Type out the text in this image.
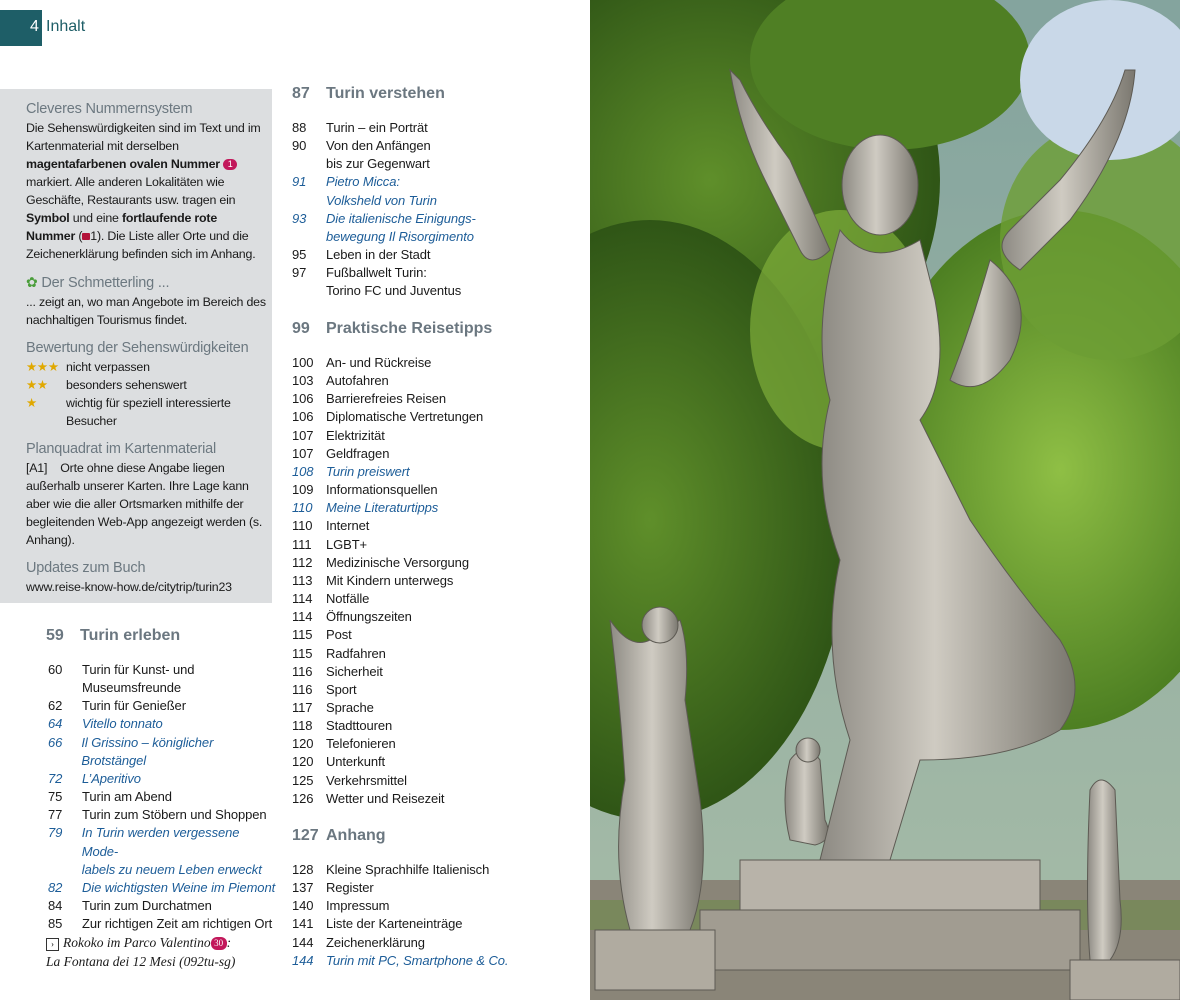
4 Inhalt
Cleveres Nummernsystem

Die Sehenswürdigkeiten sind im Text und im Kartenmaterial mit derselben magentafarbenen ovalen Nummer 1 markiert. Alle anderen Lokalitäten wie Geschäfte, Restaurants usw. tragen ein Symbol und eine fortlaufende rote Nummer ( 1). Die Liste aller Orte und die Zeichenerklärung befinden sich im Anhang.

✿ Der Schmetterling ...

... zeigt an, wo man Angebote im Bereich des nachhaltigen Tourismus findet.

Bewertung der Sehenswürdigkeiten
★★★ nicht verpassen
★★	besonders sehenswert
★	wichtig für speziell interessierte Besucher
Planquadrat im Kartenmaterial

[A1] Orte ohne diese Angabe liegen außerhalb unserer Karten. Ihre Lage kann aber wie die aller Ortsmarken mithilfe der begleitenden Web-App angezeigt werden (s. Anhang).

Updates zum Buch

www.reise-know-how.de/citytrip/turin23

59	Turin erleben
60	Turin für Kunst- und
Museumsfreunde
62	Turin für Genießer
64	Vitello tonnato
66	Il Grissino – königlicher Brotstängel
72	L’Aperitivo
75	Turin am Abend
77	Turin zum Stöbern und Shoppen
79	In Turin werden vergessene Mode-
labels zu neuem Leben erweckt
82	Die wichtigsten Weine im Piemont
84	Turin zum Durchatmen
85	Zur richtigen Zeit am richtigen Ort
87	Turin verstehen
88	Turin – ein Porträt
90	Von den Anfängen
bis zur Gegenwart
91	Pietro Micca:
Volksheld von Turin
93	Die italienische Einigungs-
bewegung Il Risorgimento
95	Leben in der Stadt
97	Fußballwelt Turin:
Torino FC und Juventus
99	Praktische Reisetipps
100 An- und Rückreise
103 Autofahren
106 Barrierefreies Reisen
106 Diplomatische Vertretungen
107 Elektrizität
107 Geldfragen
108 Turin preiswert
109 Informationsquellen
110	Meine Literaturtipps
110	Internet
111	LGBT+
112	Medizinische Versorgung
113	Mit Kindern unterwegs
114	Notfälle
114	Öffnungszeiten
115	Post
115	Radfahren
116	Sicherheit
116	Sport
117	Sprache
118	Stadttouren
120 Telefonieren
120 Unterkunft
125 Verkehrsmittel
126 Wetter und Reisezeit
127 Anhang
128 Kleine Sprachhilfe Italienisch
137 Register
140 Impressum
141 Liste der Karteneinträge
144 Zeichenerklärung
144 Turin mit PC, Smartphone & Co.
› Rokoko im Parco Valentino 30 :
La Fontana dei 12 Mesi (092tu-sg)
